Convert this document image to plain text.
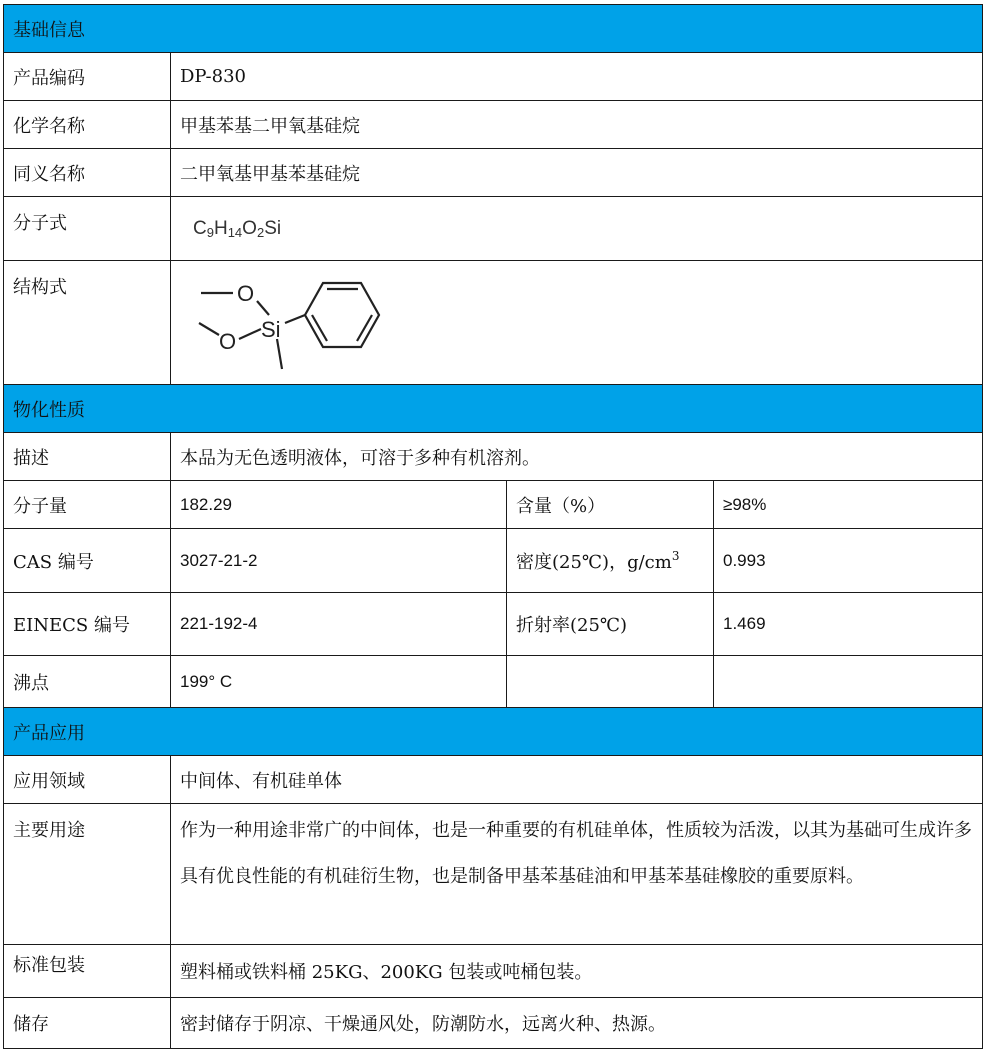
基础信息
产品编码	DP-830
化学名称	甲基苯基二甲氧基硅烷
同义名称	二甲氧基甲基苯基硅烷
分子式	$C_9H_{14}O_2Si$
结构式	O
O Si
物化性质
描述	本品为无色透明液体，可溶于多种有机溶剂。
分子量	182.29	含量（%）	≥98%
CAS 编号	3027-21-2	密度(25℃)，$g/cm^3$	0.993
EINECS 编号	221-192-4	折射率(25℃)	1.469
沸点	199° C
产品应用
应用领域	中间体、有机硅单体
主要用途	作为一种用途非常广的中间体，也是一种重要的有机硅单体，性质较为活泼，以其为基础可生成许多具有优良性能的有机硅衍生物，也是制备甲基苯基硅油和甲基苯基硅橡胶的重要原料。
标准包装	塑料桶或铁料桶 25KG、200KG 包装或吨桶包装。
储存	密封储存于阴凉、干燥通风处，防潮防水，远离火种、热源。
